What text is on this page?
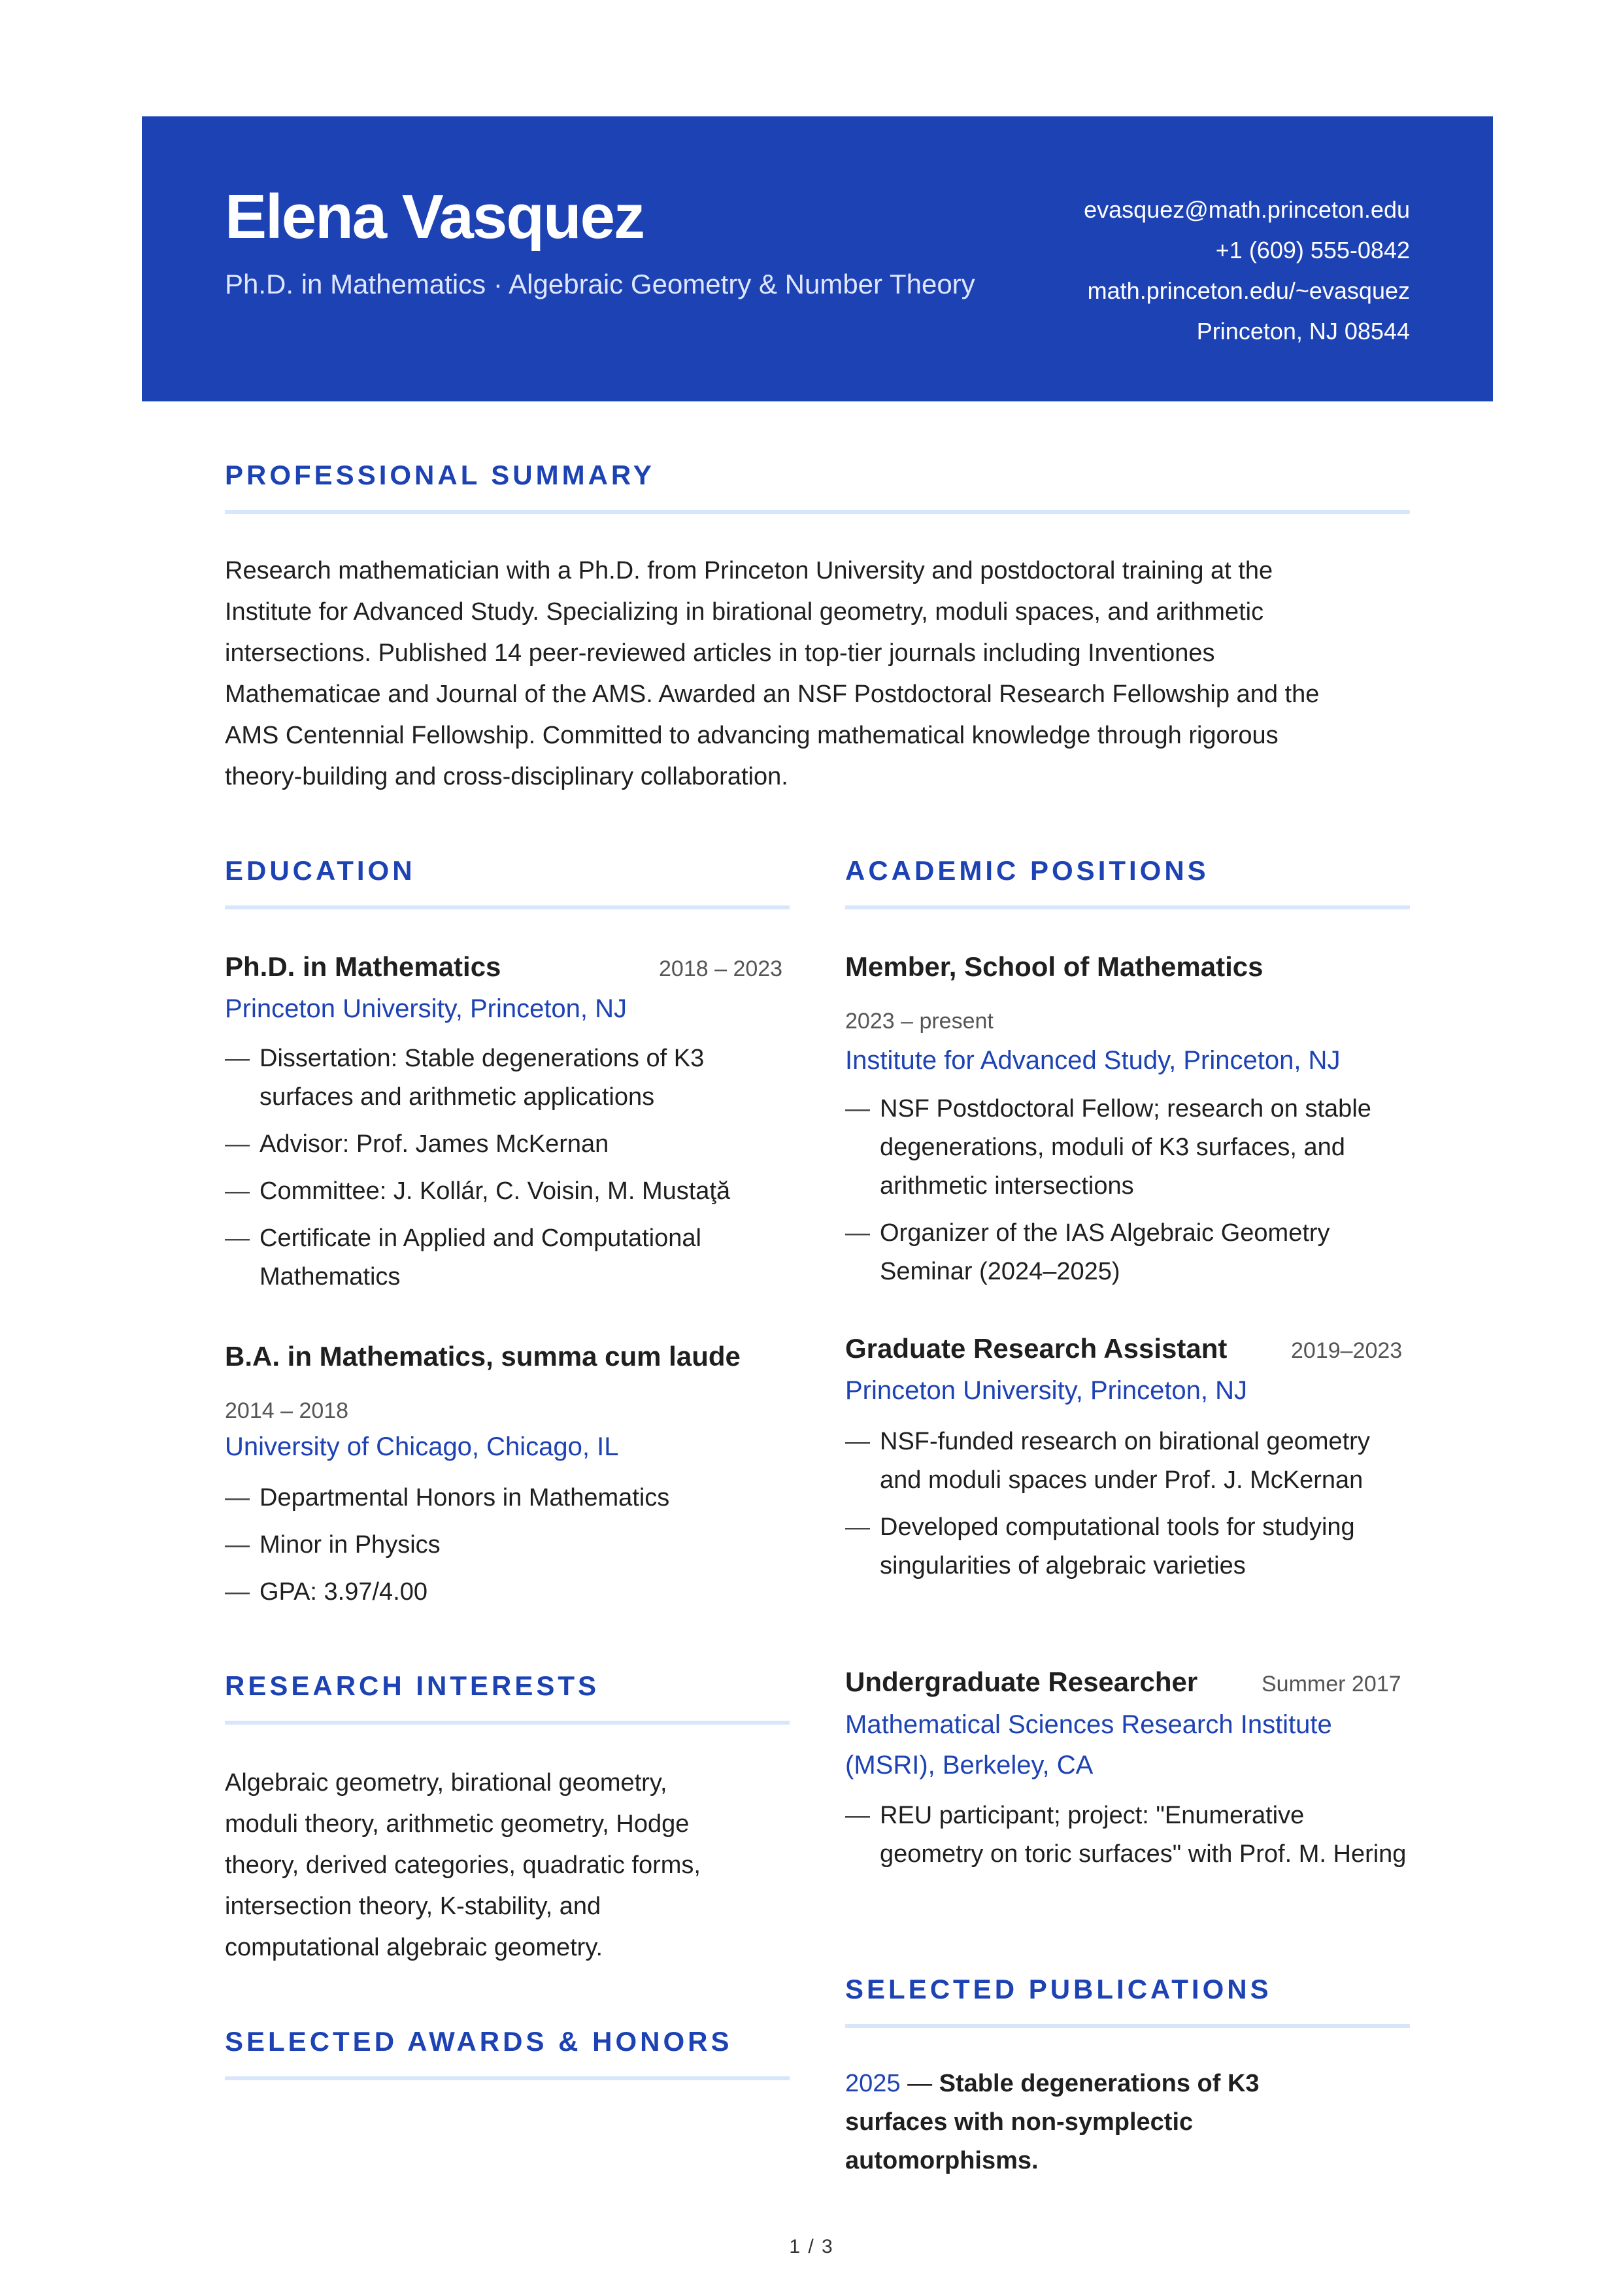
Elena Vasquez
Ph.D. in Mathematics · Algebraic Geometry & Number Theory
evasquez@math.princeton.edu
+1 (609) 555-0842
math.princeton.edu/~evasquez
Princeton, NJ 08544
PROFESSIONAL SUMMARY
Research mathematician with a Ph.D. from Princeton University and postdoctoral training at the
Institute for Advanced Study. Specializing in birational geometry, moduli spaces, and arithmetic
intersections. Published 14 peer-reviewed articles in top-tier journals including Inventiones
Mathematicae and Journal of the AMS. Awarded an NSF Postdoctoral Research Fellowship and the
AMS Centennial Fellowship. Committed to advancing mathematical knowledge through rigorous
theory-building and cross-disciplinary collaboration.
EDUCATION
Ph.D. in Mathematics	2018 – 2023
Princeton University, Princeton, NJ
— Dissertation: Stable degenerations of K3 surfaces and arithmetic applications
— Advisor: Prof. James McKernan
— Committee: J. Kollár, C. Voisin, M. Mustaţă
— Certificate in Applied and Computational Mathematics
B.A. in Mathematics, summa cum laude
2014 – 2018
University of Chicago, Chicago, IL
— Departmental Honors in Mathematics
— Minor in Physics
— GPA: 3.97/4.00
RESEARCH INTERESTS
Algebraic geometry, birational geometry,
moduli theory, arithmetic geometry, Hodge
theory, derived categories, quadratic forms,
intersection theory, K-stability, and
computational algebraic geometry.
SELECTED AWARDS & HONORS
ACADEMIC POSITIONS
Member, School of Mathematics
2023 – present
Institute for Advanced Study, Princeton, NJ
— NSF Postdoctoral Fellow; research on stable degenerations, moduli of K3 surfaces, and arithmetic intersections
— Organizer of the IAS Algebraic Geometry Seminar (2024–2025)
Graduate Research Assistant	2019–2023
Princeton University, Princeton, NJ
— NSF-funded research on birational geometry and moduli spaces under Prof. J. McKernan
— Developed computational tools for studying singularities of algebraic varieties
Undergraduate Researcher	Summer 2017
Mathematical Sciences Research Institute (MSRI), Berkeley, CA
— REU participant; project: "Enumerative geometry on toric surfaces" with Prof. M. Hering
SELECTED PUBLICATIONS
2025 — Stable degenerations of K3 surfaces with non-symplectic automorphisms.
1 / 3
